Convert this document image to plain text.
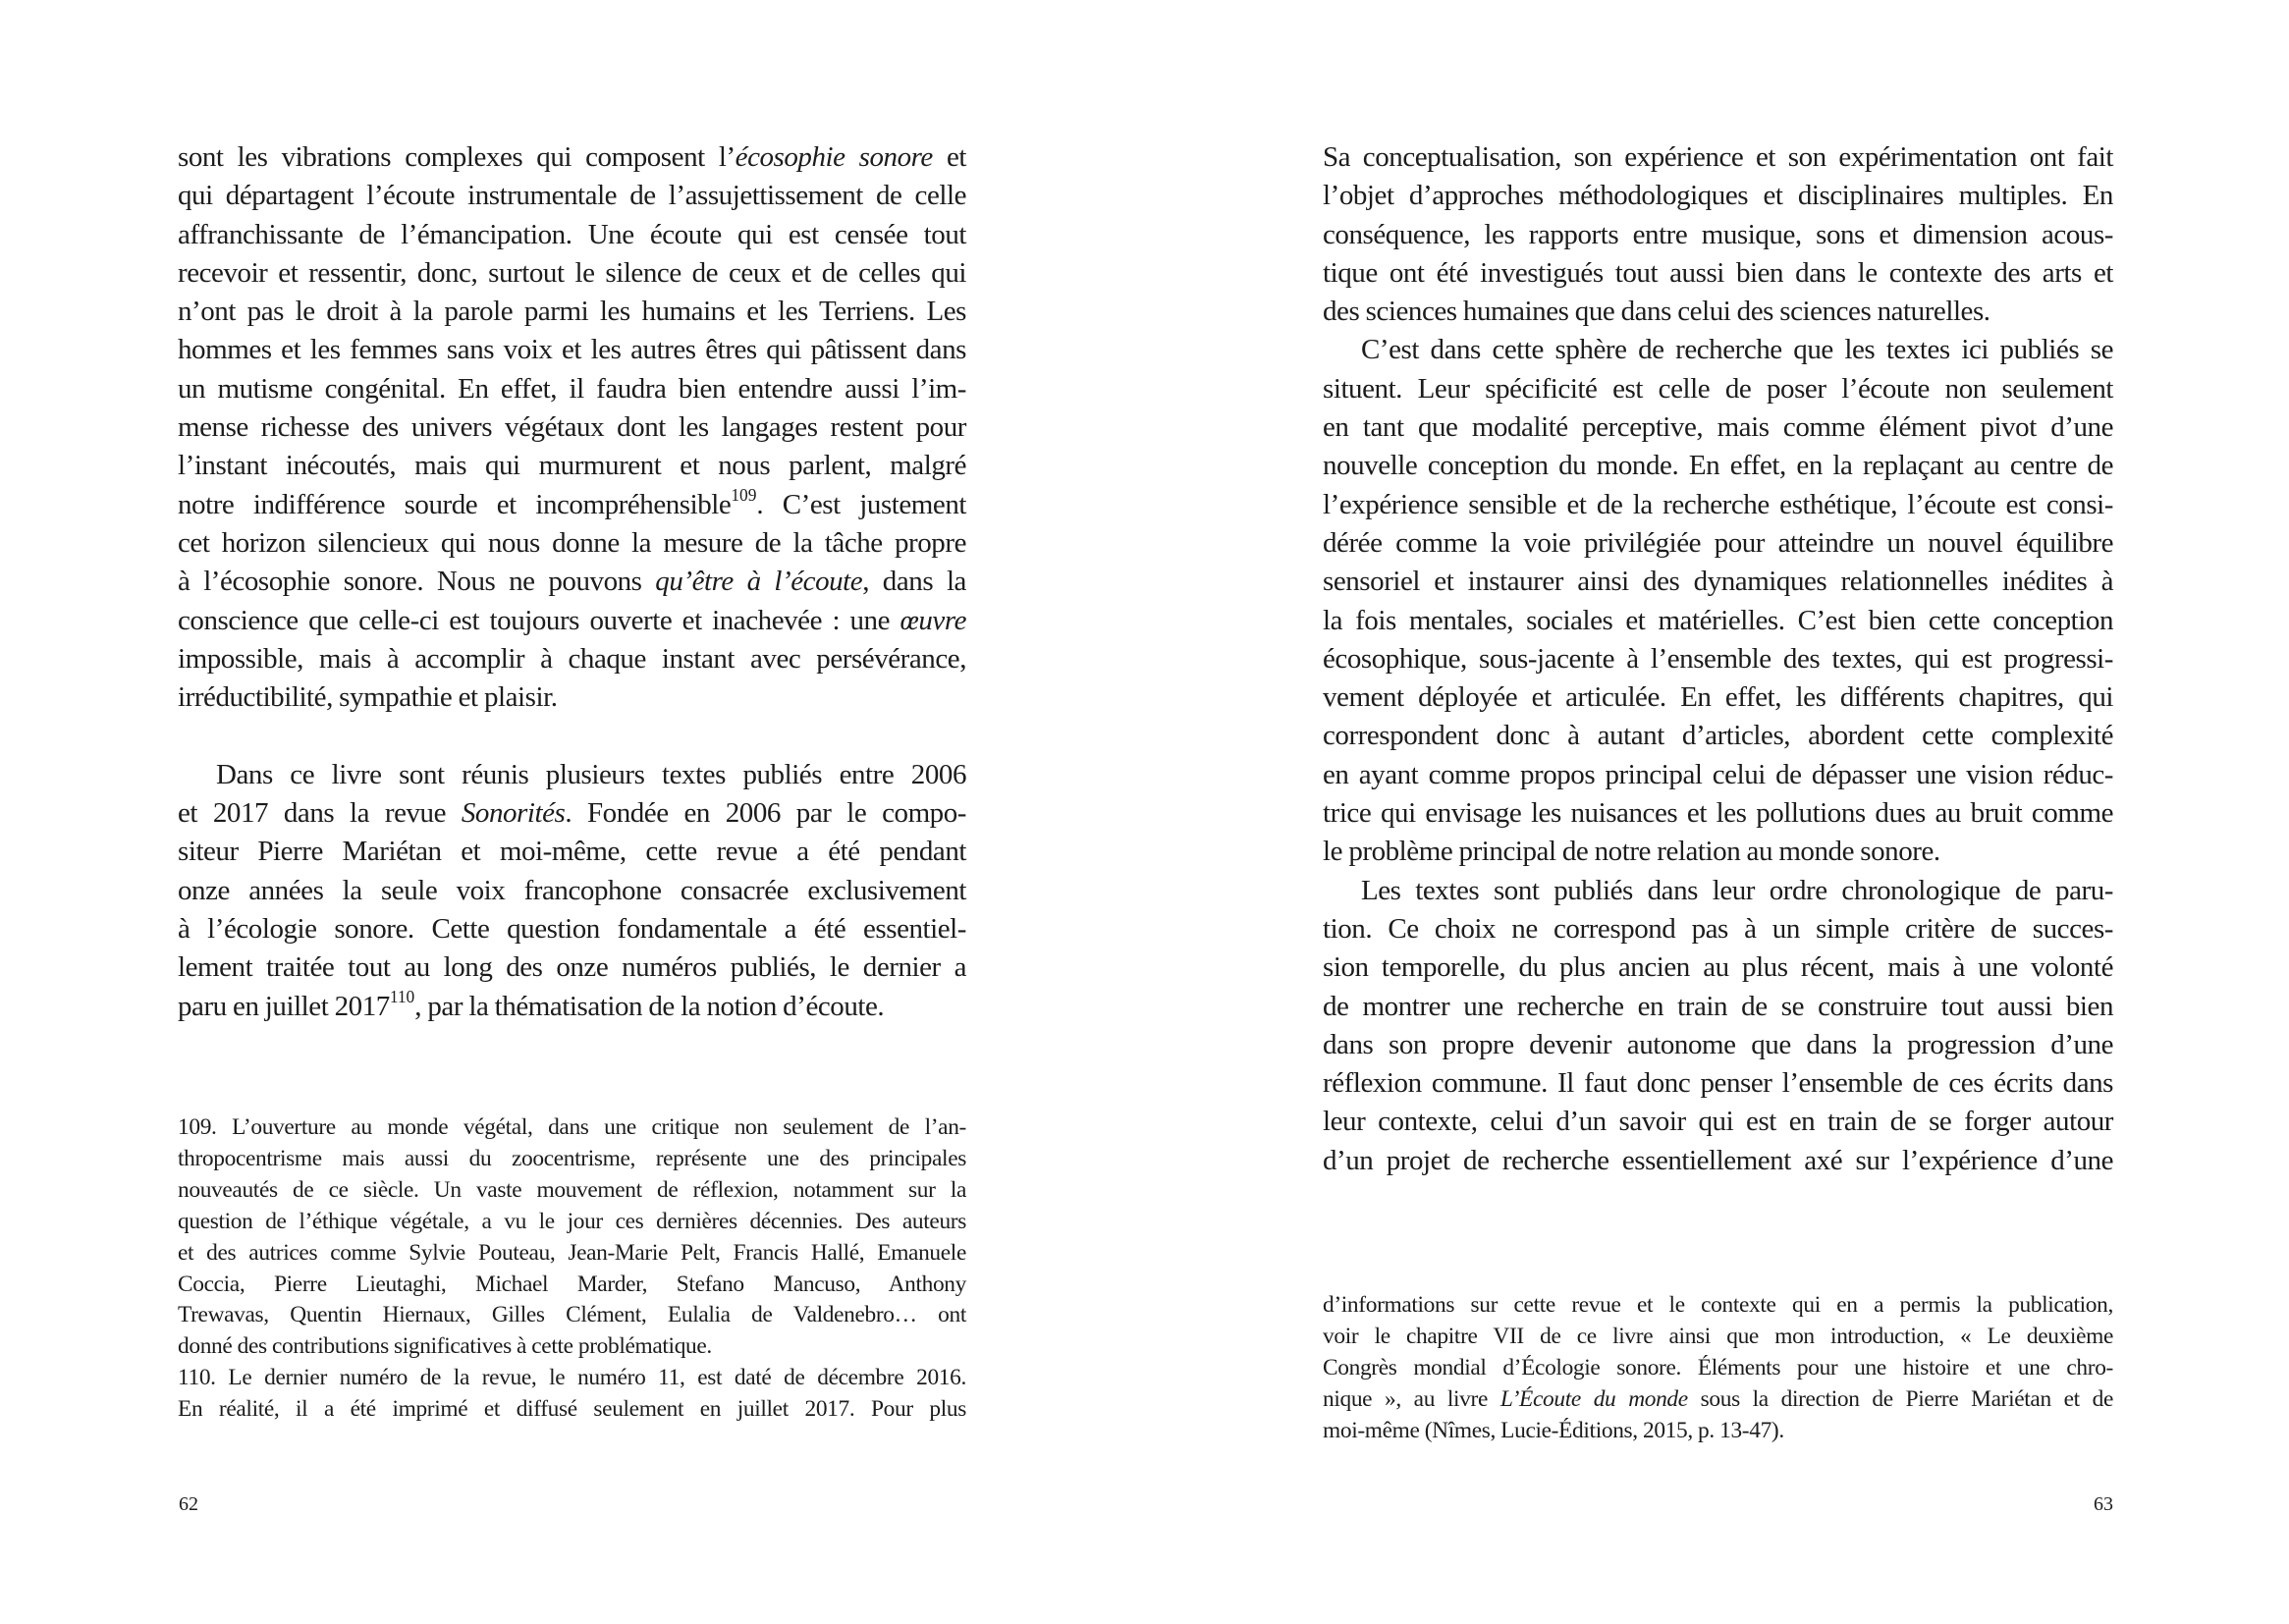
sont les vibrations complexes qui composent l’écosophie sonore et
qui départagent l’écoute instrumentale de l’assujettissement de celle
affranchissante de l’émancipation. Une écoute qui est censée tout
recevoir et ressentir, donc, surtout le silence de ceux et de celles qui
n’ont pas le droit à la parole parmi les humains et les Terriens. Les
hommes et les femmes sans voix et les autres êtres qui pâtissent dans
un mutisme congénital. En effet, il faudra bien entendre aussi l’im-
mense richesse des univers végétaux dont les langages restent pour
l’instant inécoutés, mais qui murmurent et nous parlent, malgré
notre indifférence sourde et incompréhensible$^{109}$. C’est justement
cet horizon silencieux qui nous donne la mesure de la tâche propre
à l’écosophie sonore. Nous ne pouvons qu’être à l’écoute, dans la
conscience que celle-ci est toujours ouverte et inachevée : une œuvre
impossible, mais à accomplir à chaque instant avec persévérance,
irréductibilité, sympathie et plaisir.

Dans ce livre sont réunis plusieurs textes publiés entre 2006
et 2017 dans la revue Sonorités. Fondée en 2006 par le compo-
siteur Pierre Mariétan et moi-même, cette revue a été pendant
onze années la seule voix francophone consacrée exclusivement
à l’écologie sonore. Cette question fondamentale a été essentiel-
lement traitée tout au long des onze numéros publiés, le dernier a
paru en juillet 2017$^{110}$, par la thématisation de la notion d’écoute.

109. L’ouverture au monde végétal, dans une critique non seulement de l’an-
thropocentrisme mais aussi du zoocentrisme, représente une des principales
nouveautés de ce siècle. Un vaste mouvement de réflexion, notamment sur la
question de l’éthique végétale, a vu le jour ces dernières décennies. Des auteurs
et des autrices comme Sylvie Pouteau, Jean-Marie Pelt, Francis Hallé, Emanuele
Coccia, Pierre Lieutaghi, Michael Marder, Stefano Mancuso, Anthony
Trewavas, Quentin Hiernaux, Gilles Clément, Eulalia de Valdenebro… ont
donné des contributions significatives à cette problématique.
110. Le dernier numéro de la revue, le numéro 11, est daté de décembre 2016.
En réalité, il a été imprimé et diffusé seulement en juillet 2017. Pour plus

62

Sa conceptualisation, son expérience et son expérimentation ont fait
l’objet d’approches méthodologiques et disciplinaires multiples. En
conséquence, les rapports entre musique, sons et dimension acous-
tique ont été investigués tout aussi bien dans le contexte des arts et
des sciences humaines que dans celui des sciences naturelles.

C’est dans cette sphère de recherche que les textes ici publiés se
situent. Leur spécificité est celle de poser l’écoute non seulement
en tant que modalité perceptive, mais comme élément pivot d’une
nouvelle conception du monde. En effet, en la replaçant au centre de
l’expérience sensible et de la recherche esthétique, l’écoute est consi-
dérée comme la voie privilégiée pour atteindre un nouvel équilibre
sensoriel et instaurer ainsi des dynamiques relationnelles inédites à
la fois mentales, sociales et matérielles. C’est bien cette conception
écosophique, sous-jacente à l’ensemble des textes, qui est progressi-
vement déployée et articulée. En effet, les différents chapitres, qui
correspondent donc à autant d’articles, abordent cette complexité
en ayant comme propos principal celui de dépasser une vision réduc-
trice qui envisage les nuisances et les pollutions dues au bruit comme
le problème principal de notre relation au monde sonore.

Les textes sont publiés dans leur ordre chronologique de paru-
tion. Ce choix ne correspond pas à un simple critère de succes-
sion temporelle, du plus ancien au plus récent, mais à une volonté
de montrer une recherche en train de se construire tout aussi bien
dans son propre devenir autonome que dans la progression d’une
réflexion commune. Il faut donc penser l’ensemble de ces écrits dans
leur contexte, celui d’un savoir qui est en train de se forger autour
d’un projet de recherche essentiellement axé sur l’expérience d’une

d’informations sur cette revue et le contexte qui en a permis la publication,
voir le chapitre VII de ce livre ainsi que mon introduction, « Le deuxième
Congrès mondial d’Écologie sonore. Éléments pour une histoire et une chro-
nique », au livre L’Écoute du monde sous la direction de Pierre Mariétan et de
moi-même (Nîmes, Lucie-Éditions, 2015, p. 13-47).

63
